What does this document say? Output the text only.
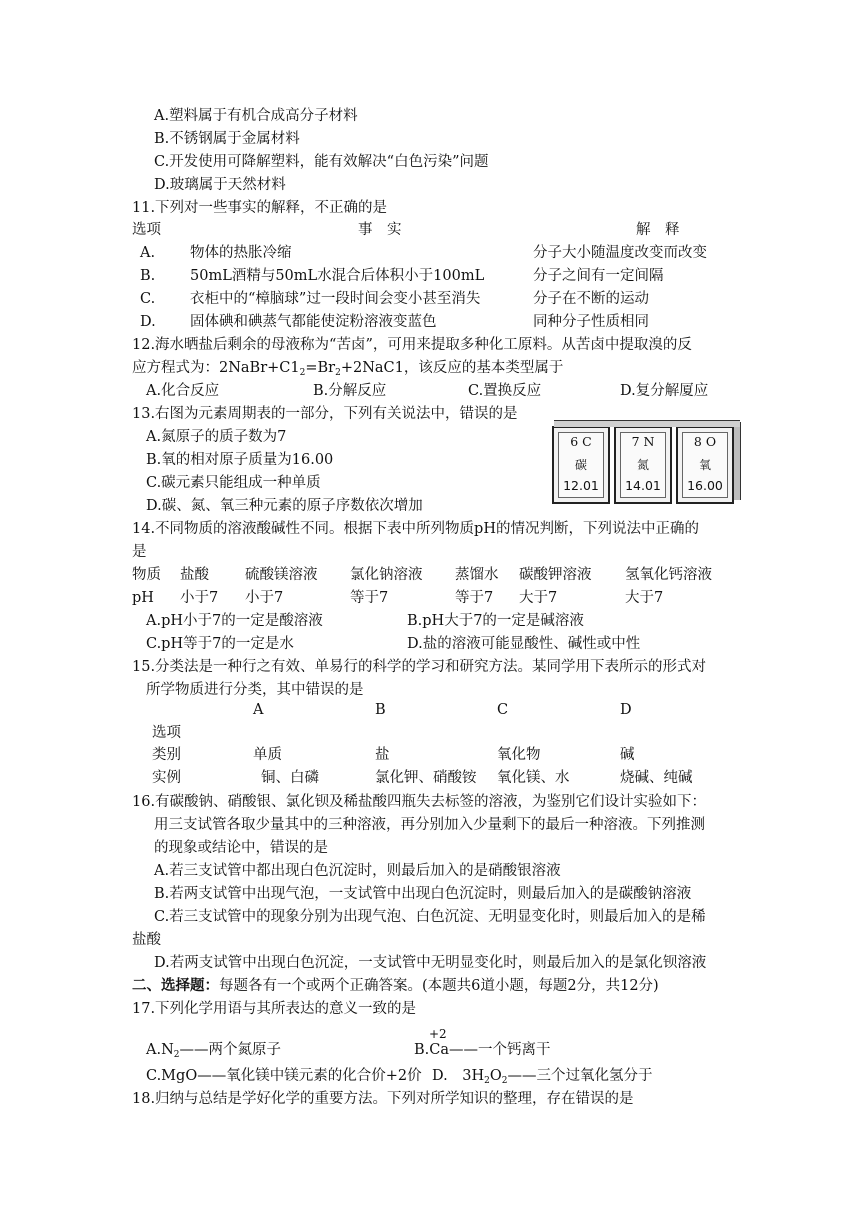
A.塑料属于有机合成高分子材料
B.不锈钢属于金属材料
C.开发使用可降解塑料，能有效解决“白色污染”问题
D.玻璃属于天然材料
11.下列对一些事实的解释，不正确的是
选项	事　实	解　释
A. 物体的热胀冷缩	分子大小随温度改变而改变
B. 50mL酒精与50mL水混合后体积小于100mL	分子之间有一定间隔
C. 衣柜中的“樟脑球”过一段时间会变小甚至消失	分子在不断的运动
D. 固体碘和碘蒸气都能使淀粉溶液变蓝色	同种分子性质相同
12.海水晒盐后剩余的母液称为“苦卤”，可用来提取多种化工原料。从苦卤中提取溴的反
应方程式为：$2NaBr+C1_2=Br_2+2NaC1$，该反应的基本类型属于
A.化合反应	B.分解反应	C.置换反应	D.复分解厦应
13.右图为元素周期表的一部分，下列有关说法中，错误的是
A.氮原子的质子数为7
B.氧的相对原子质量为16.00
C.碳元素只能组成一种单质
D.碳、氮、氧三种元素的原子序数依次增加
6 C
碳
12.01
7 N
氮
14.01
8 O
氧
16.00
14.不同物质的溶液酸碱性不同。根据下表中所列物质pH的情况判断，下列说法中正确的
是
物质 盐酸 硫酸镁溶液 氯化钠溶液 蒸馏水 碳酸钾溶液 氢氧化钙溶液
pH 小于7 小于7	等于7	等于7 大于7	大于7
A.pH小于7的一定是酸溶液	B.pH大于7的一定是碱溶液
C.pH等于7的一定是水	D.盐的溶液可能显酸性、碱性或中性
15.分类法是一种行之有效、单易行的科学的学习和研究方法。某同学用下表所示的形式对
所学物质进行分类，其中错误的是
A	B	C	D
选项
类别	单质	盐	氧化物	碱
实例	铜、白磷	氯化钾、硝酸铵 氧化镁、水	烧碱、纯碱
16.有碳酸钠、硝酸银、氯化钡及稀盐酸四瓶失去标签的溶液，为鉴别它们设计实验如下：
用三支试管各取少量其中的三种溶液，再分别加入少量剩下的最后一种溶液。下列推测
的现象或结论中，错误的是
A.若三支试管中都出现白色沉淀时，则最后加入的是硝酸银溶液
B.若两支试管中出现气泡，一支试管中出现白色沉淀时，则最后加入的是碳酸钠溶液
C.若三支试管中的现象分别为出现气泡、白色沉淀、无明显变化时，则最后加入的是稀
盐酸
D.若两支试管中出现白色沉淀，一支试管中无明显变化时，则最后加入的是氯化钡溶液
二、选择题：每题各有一个或两个正确答案。(本题共6道小题，每题2分，共12分)
17.下列化学用语与其所表达的意义一致的是
+2
$A.N_2——$两个氮原子	B.Ca——一个钙离干
C.MgO——氧化镁中镁元素的化合价+2价 D.　$3H_2O_2——$三个过氧化氢分于
18.归纳与总结是学好化学的重要方法。下列对所学知识的整理，存在错误的是
